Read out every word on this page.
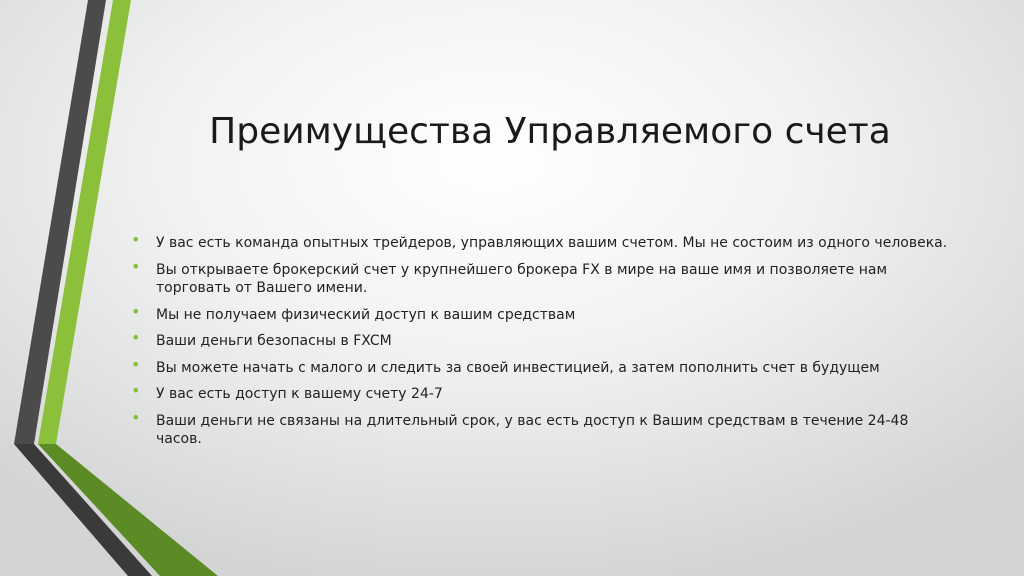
Преимущества Управляемого счета
• У вас есть команда опытных трейдеров, управляющих вашим счетом. Мы не состоим из одного человека.
• Вы открываете брокерский счет у крупнейшего брокера FX в мире на ваше имя и позволяете нам торговать от Вашего имени.
• Мы не получаем физический доступ к вашим средствам
• Ваши деньги безопасны в FXCM
• Вы можете начать с малого и следить за своей инвестицией, а затем пополнить счет в будущем
• У вас есть доступ к вашему счету 24-7
• Ваши деньги не связаны на длительный срок, у вас есть доступ к Вашим средствам в течение 24-48 часов.
